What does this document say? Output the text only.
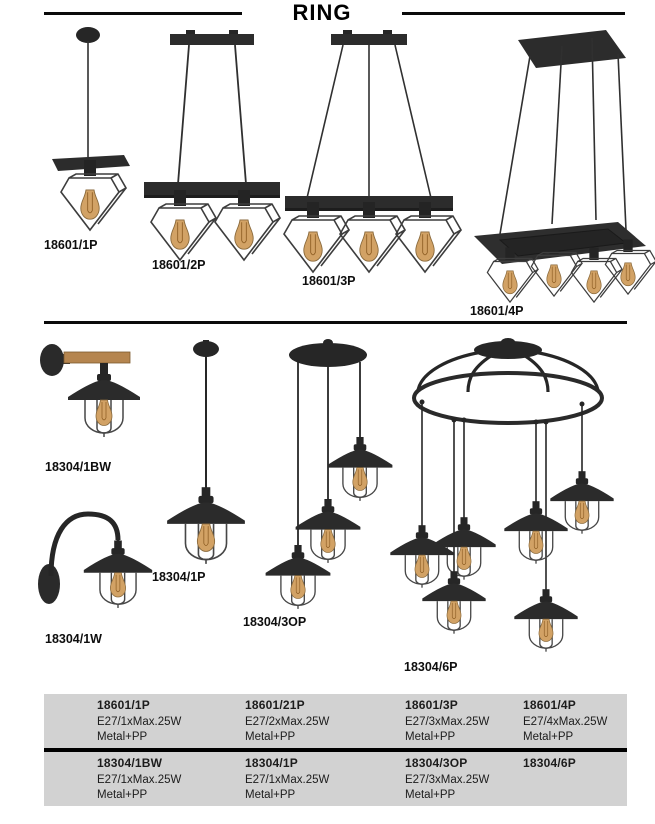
RING
18601/1P
18601/2P
18601/3P
18601/4P
18304/1BW
18304/1P
18304/1W
18304/3OP
18304/6P
18601/1P
E27/1xMax.25W
Metal+PP
18601/21P
E27/2xMax.25W
Metal+PP
18601/3P
E27/3xMax.25W
Metal+PP
18601/4P
E27/4xMax.25W
Metal+PP
18304/1BW
E27/1xMax.25W
Metal+PP
18304/1P
E27/1xMax.25W
Metal+PP
18304/3OP
E27/3xMax.25W
Metal+PP
18304/6P
